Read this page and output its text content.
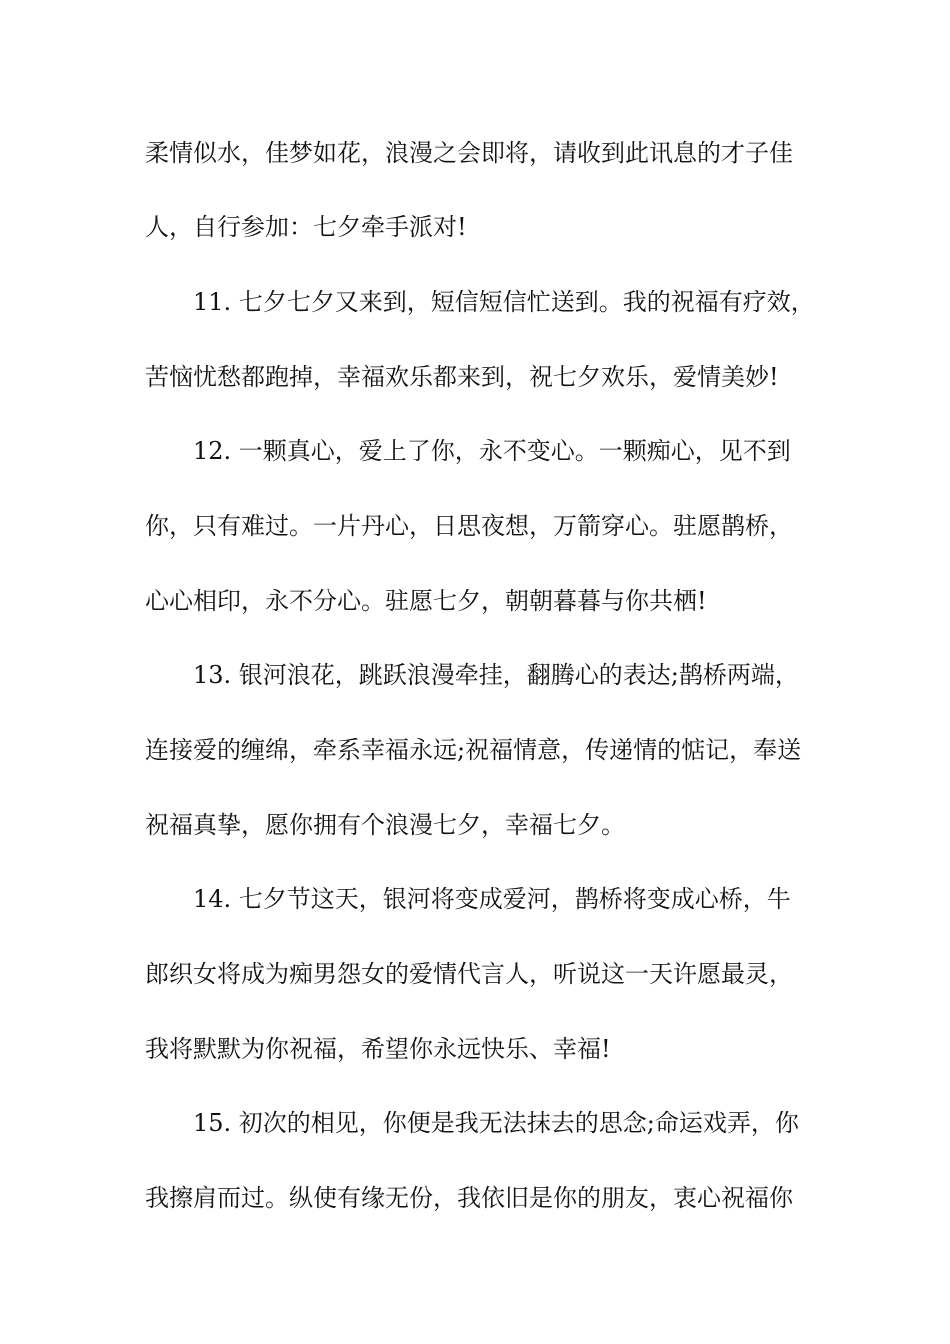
柔情似水，佳梦如花，浪漫之会即将，请收到此讯息的才子佳

人，自行参加：七夕牵手派对!

11. 七夕七夕又来到，短信短信忙送到。我的祝福有疗效，

苦恼忧愁都跑掉，幸福欢乐都来到，祝七夕欢乐，爱情美妙!

12. 一颗真心，爱上了你，永不变心。一颗痴心，见不到

你，只有难过。一片丹心，日思夜想，万箭穿心。驻愿鹊桥，

心心相印，永不分心。驻愿七夕，朝朝暮暮与你共栖!

13. 银河浪花，跳跃浪漫牵挂，翻腾心的表达;鹊桥两端，

连接爱的缠绵，牵系幸福永远;祝福情意，传递情的惦记，奉送

祝福真挚，愿你拥有个浪漫七夕，幸福七夕。

14. 七夕节这天，银河将变成爱河，鹊桥将变成心桥，牛

郎织女将成为痴男怨女的爱情代言人，听说这一天许愿最灵，

我将默默为你祝福，希望你永远快乐、幸福!

15. 初次的相见，你便是我无法抹去的思念;命运戏弄，你

我擦肩而过。纵使有缘无份，我依旧是你的朋友，衷心祝福你
